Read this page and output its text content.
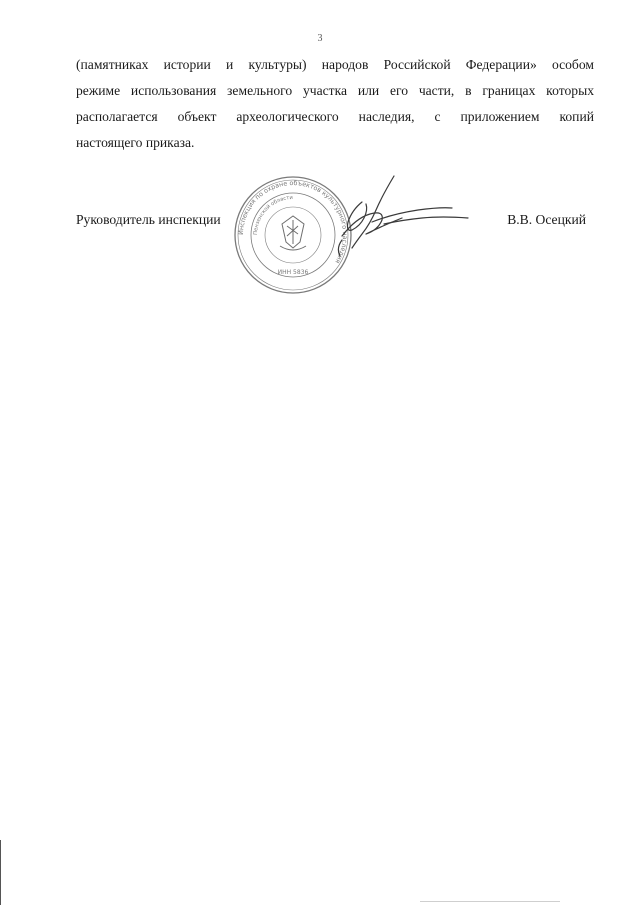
3

(памятниках истории и культуры) народов Российской Федерации» особом
режиме использования земельного участка или его части, в границах которых
располагается объект археологического наследия, с приложением копий
настоящего приказа.

Руководитель инспекции	В.В. Осецкий
Инспекция по охране объектов культурного наследия
Пензенской области
ИНН 5836
